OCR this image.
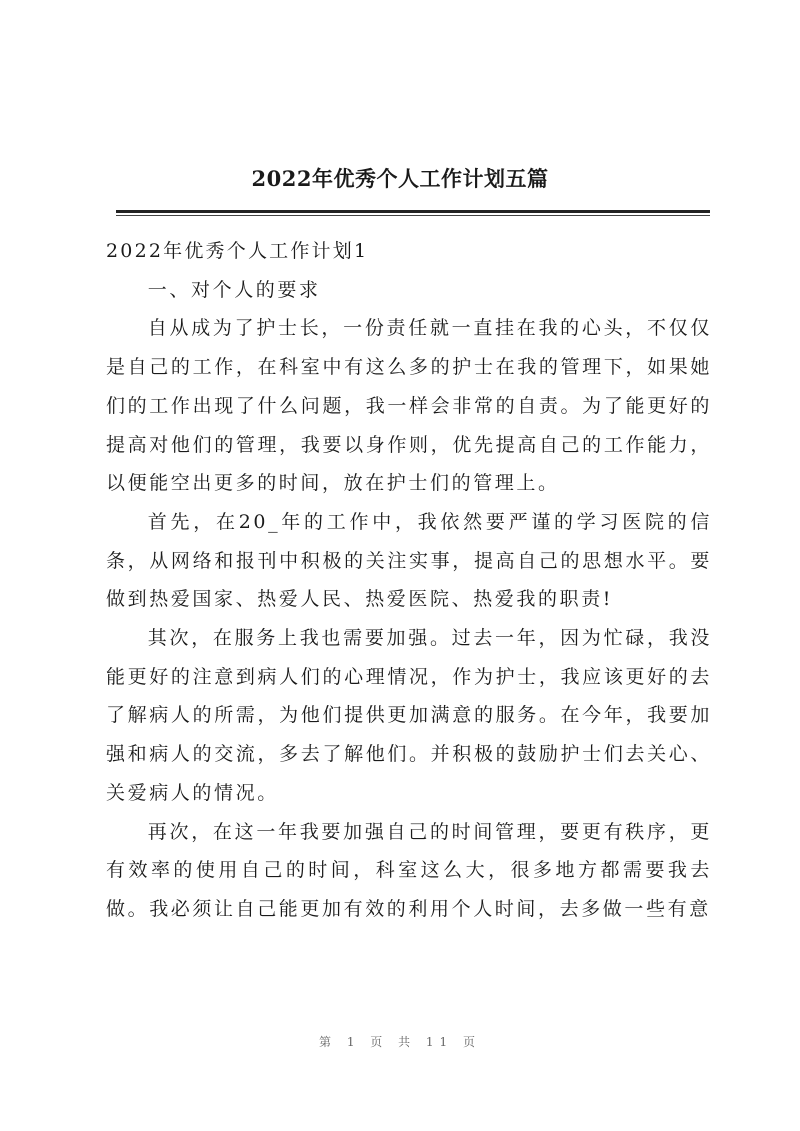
2022年优秀个人工作计划五篇

2022年优秀个人工作计划1

一、对个人的要求

自从成为了护士长，一份责任就一直挂在我的心头，不仅仅是自己的工作，在科室中有这么多的护士在我的管理下，如果她们的工作出现了什么问题，我一样会非常的自责。为了能更好的提高对他们的管理，我要以身作则，优先提高自己的工作能力，以便能空出更多的时间，放在护士们的管理上。

首先，在20_年的工作中，我依然要严谨的学习医院的信条，从网络和报刊中积极的关注实事，提高自己的思想水平。要做到热爱国家、热爱人民、热爱医院、热爱我的职责!

其次，在服务上我也需要加强。过去一年，因为忙碌，我没能更好的注意到病人们的心理情况，作为护士，我应该更好的去了解病人的所需，为他们提供更加满意的服务。在今年，我要加强和病人的交流，多去了解他们。并积极的鼓励护士们去关心、关爱病人的情况。

再次，在这一年我要加强自己的时间管理，要更有秩序，更有效率的使用自己的时间，科室这么大，很多地方都需要我去做。我必须让自己能更加有效的利用个人时间，去多做一些有意

第 1 页 共 11 页
